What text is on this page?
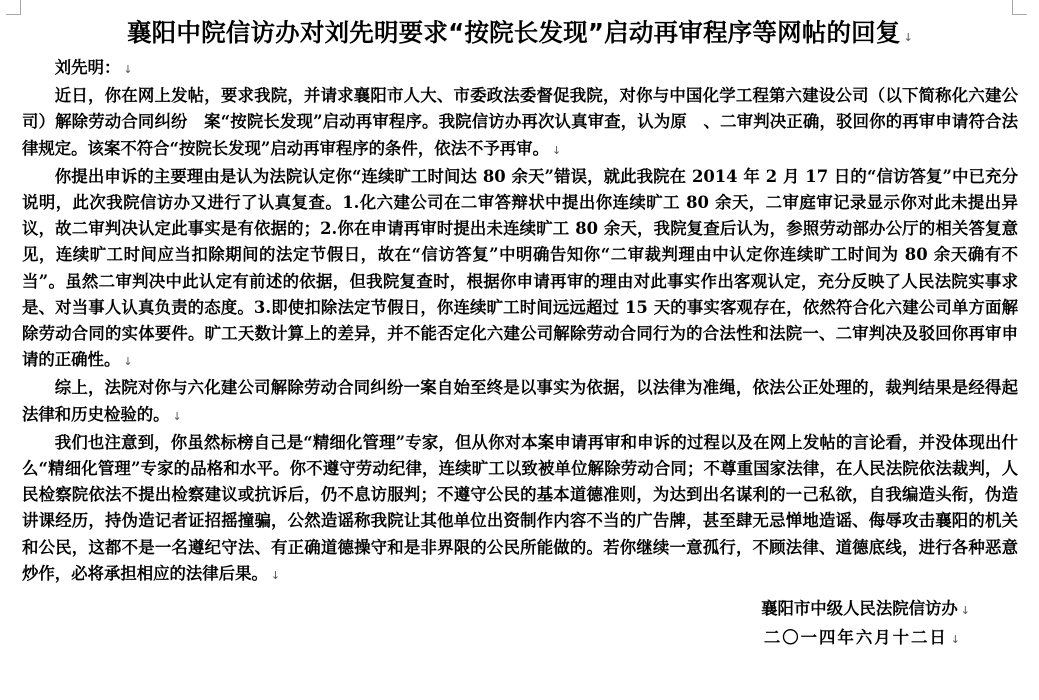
襄阳中院信访办对刘先明要求“按院长发现”启动再审程序等网帖的回复 ↓

刘先明： ↓

近日，你在网上发帖，要求我院，并请求襄阳市人大、市委政法委督促我院，对你与中国化学工程第六建设公司（以下简称化六建公司）解除劳动合同纠纷　案“按院长发现”启动再审程序。我院信访办再次认真审查，认为原　、二审判决正确，驳回你的再审申请符合法律规定。该案不符合“按院长发现”启动再审程序的条件，依法不予再审。 ↓

你提出申诉的主要理由是认为法院认定你“连续旷工时间达 80 余天”错误，就此我院在 2014 年 2 月 17 日的“信访答复”中已充分说明，此次我院信访办又进行了认真复查。1.化六建公司在二审答辩状中提出你连续旷工 80 余天，二审庭审记录显示你对此未提出异议，故二审判决认定此事实是有依据的；2.你在申请再审时提出未连续旷工 80 余天，我院复查后认为，参照劳动部办公厅的相关答复意见，连续旷工时间应当扣除期间的法定节假日，故在“信访答复”中明确告知你“二审裁判理由中认定你连续旷工时间为 80 余天确有不当”。虽然二审判决中此认定有前述的依据，但我院复查时，根据你申请再审的理由对此事实作出客观认定，充分反映了人民法院实事求是、对当事人认真负责的态度。3.即使扣除法定节假日，你连续旷工时间远远超过 15 天的事实客观存在，依然符合化六建公司单方面解除劳动合同的实体要件。旷工天数计算上的差异，并不能否定化六建公司解除劳动合同行为的合法性和法院一、二审判决及驳回你再审申请的正确性。 ↓

综上，法院对你与六化建公司解除劳动合同纠纷一案自始至终是以事实为依据，以法律为准绳，依法公正处理的，裁判结果是经得起法律和历史检验的。 ↓

我们也注意到，你虽然标榜自己是“精细化管理”专家，但从你对本案申请再审和申诉的过程以及在网上发帖的言论看，并没体现出什么“精细化管理”专家的品格和水平。你不遵守劳动纪律，连续旷工以致被单位解除劳动合同；不尊重国家法律，在人民法院依法裁判，人民检察院依法不提出检察建议或抗诉后，仍不息访服判；不遵守公民的基本道德准则，为达到出名谋利的一己私欲，自我编造头衔，伪造讲课经历，持伪造记者证招摇撞骗，公然造谣称我院让其他单位出资制作内容不当的广告牌，甚至肆无忌惮地造谣、侮辱攻击襄阳的机关和公民，这都不是一名遵纪守法、有正确道德操守和是非界限的公民所能做的。若你继续一意孤行，不顾法律、道德底线，进行各种恶意炒作，必将承担相应的法律后果。 ↓

襄阳市中级人民法院信访办 ↓
二〇一四年六月十二日 ↓
